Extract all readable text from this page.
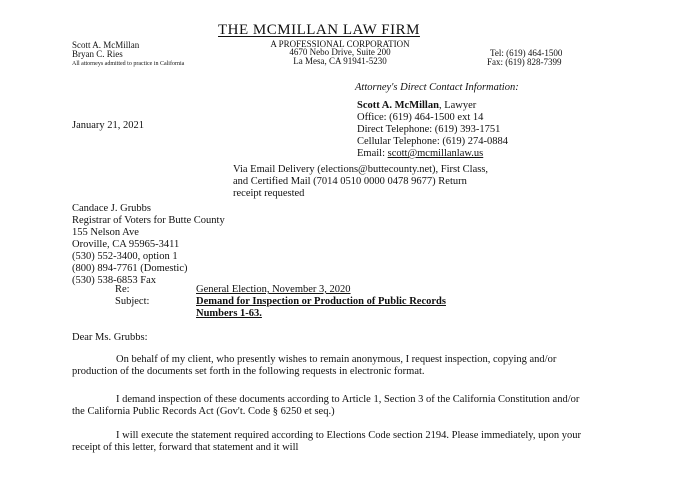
THE MCMILLAN LAW FIRM
A PROFESSIONAL CORPORATION
4670 Nebo Drive, Suite 200
La Mesa, CA 91941-5230
Scott A. McMillan
Bryan C. Ries
All attorneys admitted to practice in California
Tel: (619) 464-1500
Fax: (619) 828-7399
Attorney's Direct Contact Information:
Scott A. McMillan, Lawyer
Office: (619) 464-1500 ext 14
Direct Telephone: (619) 393-1751
Cellular Telephone: (619) 274-0884
Email: scott@mcmillanlaw.us
January 21, 2021
Via Email Delivery (elections@buttecounty.net), First Class,
and Certified Mail (7014 0510 0000 0478 9677) Return
receipt requested
Candace J. Grubbs
Registrar of Voters for Butte County
155 Nelson Ave
Oroville, CA 95965-3411
(530) 552-3400, option 1
(800) 894-7761 (Domestic)
(530) 538-6853 Fax
Re:	General Election, November 3, 2020
Subject:	Demand for Inspection or Production of Public Records
Numbers 1-63.
Dear Ms. Grubbs:
On behalf of my client, who presently wishes to remain anonymous, I request inspection, copying and/or production of the documents set forth in the following requests in electronic format.
I demand inspection of these documents according to Article 1, Section 3 of the California Constitution and/or the California Public Records Act (Gov't. Code § 6250 et seq.)
I will execute the statement required according to Elections Code section 2194. Please immediately, upon your receipt of this letter, forward that statement and it will
